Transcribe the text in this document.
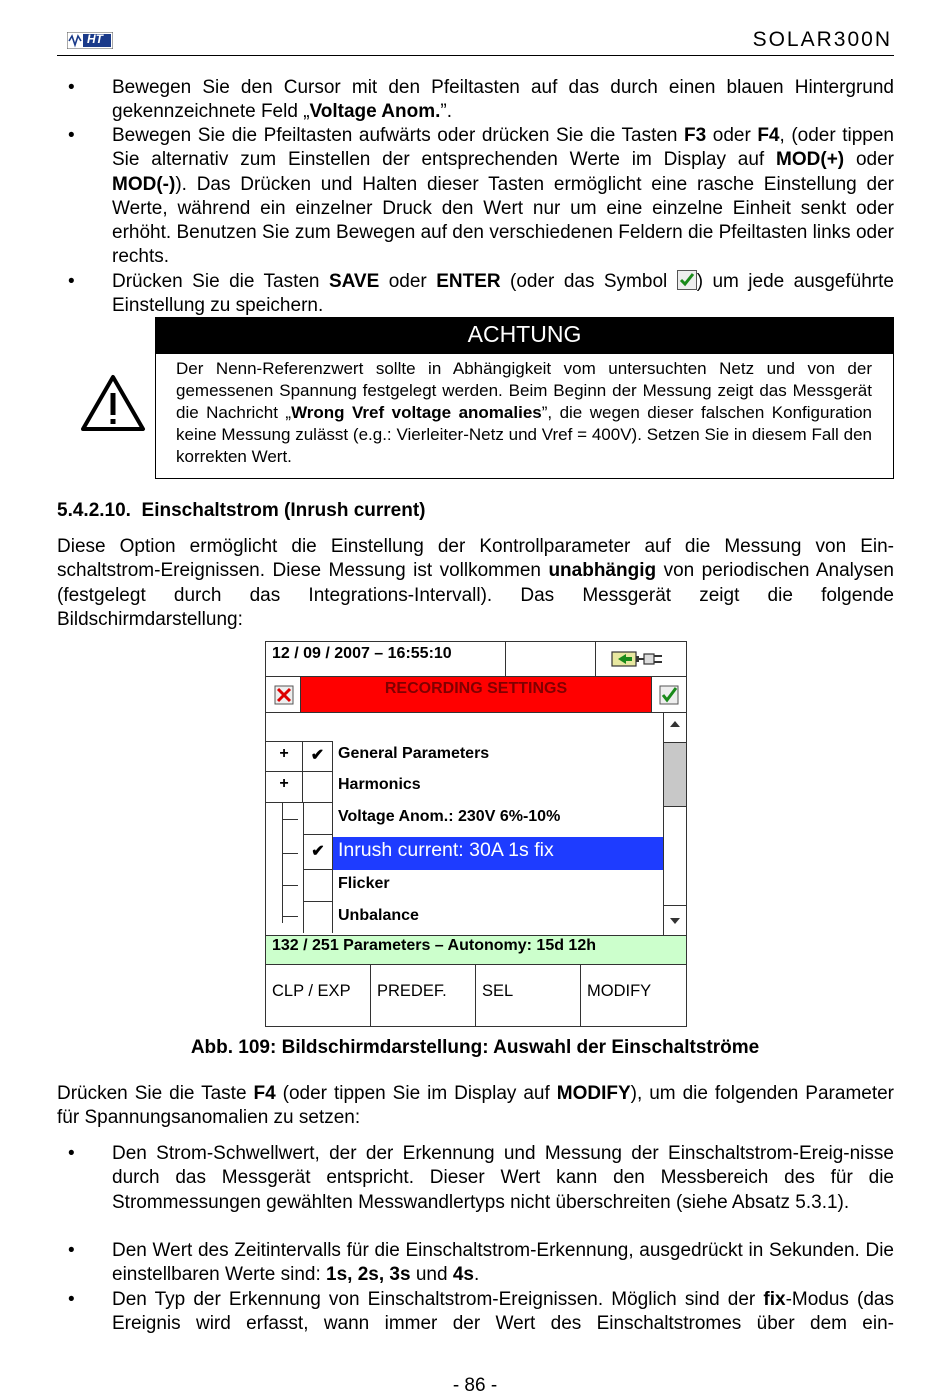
HT	SOLAR300N
• Bewegen Sie den Cursor mit den Pfeiltasten auf das durch einen blauen Hintergrund gekennzeichnete Feld „Voltage Anom.”.
• Bewegen Sie die Pfeiltasten aufwärts oder drücken Sie die Tasten F3 oder F4, (oder tippen Sie alternativ zum Einstellen der entsprechenden Werte im Display auf MOD(+) oder MOD(-)). Das Drücken und Halten dieser Tasten ermöglicht eine rasche Einstellung der Werte, während ein einzelner Druck den Wert nur um eine einzelne Einheit senkt oder erhöht. Benutzen Sie zum Bewegen auf den verschiedenen Feldern die Pfeiltasten links oder rechts.
• Drücken Sie die Tasten SAVE oder ENTER (oder das Symbol
) um jede ausgeführte Einstellung zu speichern.
ACHTUNG
Der Nenn-Referenzwert sollte in Abhängigkeit vom untersuchten Netz und von der gemessenen Spannung festgelegt werden. Beim Beginn der Messung zeigt das Messgerät die Nachricht „Wrong Vref voltage anomalies”, die wegen dieser falschen Konfiguration keine Messung zulässt (e.g.: Vierleiter-Netz und Vref = 400V). Setzen Sie in diesem Fall den korrekten Wert.
5.4.2.10. Einschaltstrom (Inrush current)
Diese Option ermöglicht die Einstellung der Kontrollparameter auf die Messung von Ein-schaltstrom-Ereignissen. Diese Messung ist vollkommen unabhängig von periodischen Analysen (festgelegt durch das Integrations-Intervall). Das Messgerät zeigt die folgende Bildschirmdarstellung:
12 / 09 / 2007 – 16:55:10
RECORDING SETTINGS
+	✔ General Parameters
+	Harmonics
Voltage Anom.: 230V 6%-10%
✔ Inrush current: 30A 1s fix
Flicker
Unbalance
132 / 251 Parameters – Autonomy: 15d 12h
CLP / EXP	PREDEF.	SEL	MODIFY
Abb. 109: Bildschirmdarstellung: Auswahl der Einschaltströme
Drücken Sie die Taste F4 (oder tippen Sie im Display auf MODIFY), um die folgenden Parameter für Spannungsanomalien zu setzen:
• Den Strom-Schwellwert, der der Erkennung und Messung der Einschaltstrom-Ereig-nisse durch das Messgerät entspricht. Dieser Wert kann den Messbereich des für die Strommessungen gewählten Messwandlertyps nicht überschreiten (siehe Absatz 5.3.1).
• Den Wert des Zeitintervalls für die Einschaltstrom-Erkennung, ausgedrückt in Sekunden. Die einstellbaren Werte sind: 1s, 2s, 3s und 4s.
• Den Typ der Erkennung von Einschaltstrom-Ereignissen. Möglich sind der fix-Modus (das Ereignis wird erfasst, wann immer der Wert des Einschaltstromes über dem ein-
- 86 -
